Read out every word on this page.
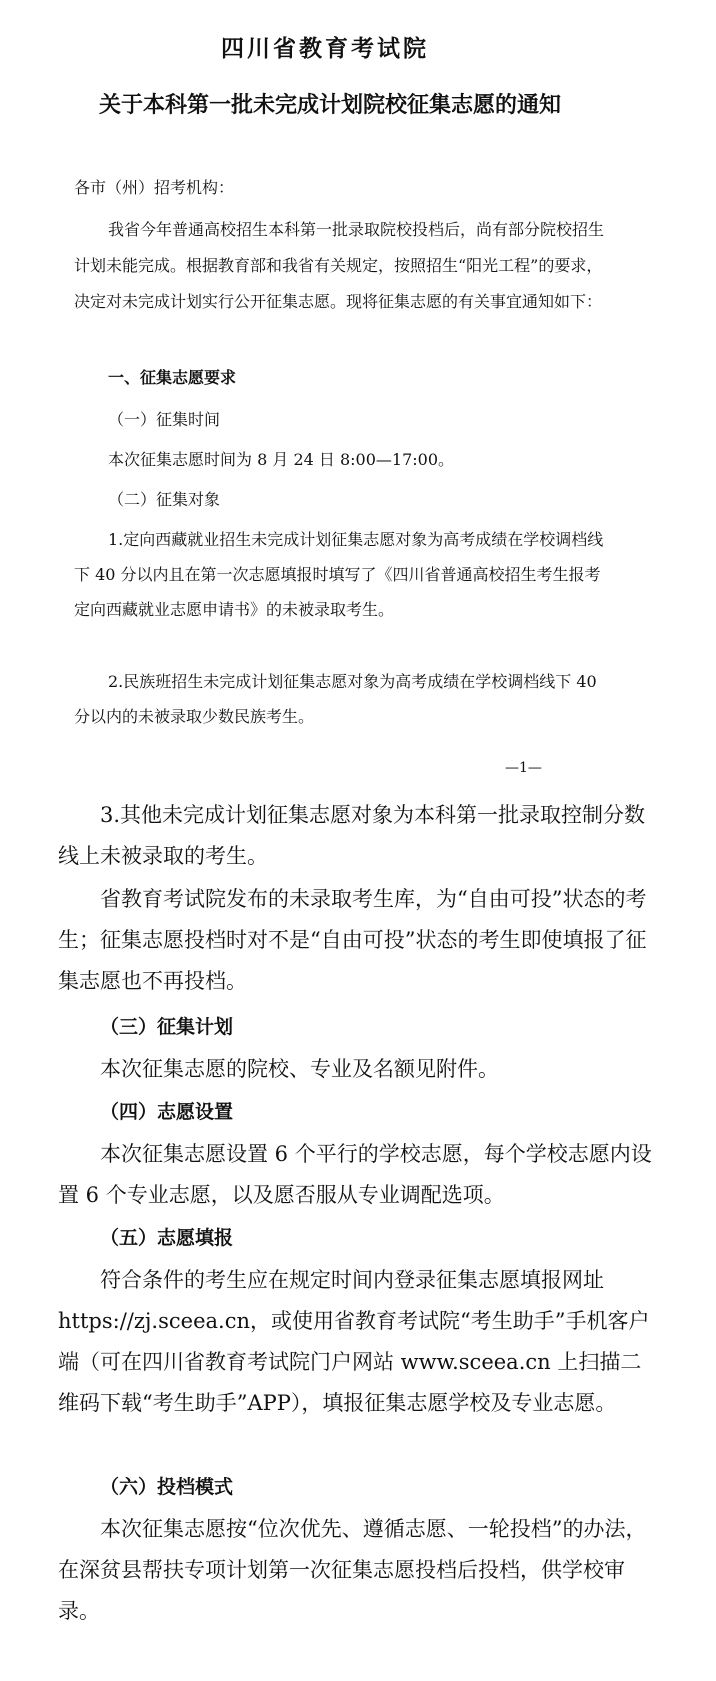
四川省教育考试院
关于本科第一批未完成计划院校征集志愿的通知

各市（州）招考机构：

我省今年普通高校招生本科第一批录取院校投档后，尚有部分院校招生计划未能完成。根据教育部和我省有关规定，按照招生“阳光工程”的要求，决定对未完成计划实行公开征集志愿。现将征集志愿的有关事宜通知如下：

一、征集志愿要求

（一）征集时间

本次征集志愿时间为 8 月 24 日 8:00—17:00。

（二）征集对象

1.定向西藏就业招生未完成计划征集志愿对象为高考成绩在学校调档线下 40 分以内且在第一次志愿填报时填写了《四川省普通高校招生考生报考定向西藏就业志愿申请书》的未被录取考生。

2.民族班招生未完成计划征集志愿对象为高考成绩在学校调档线下 40 分以内的未被录取少数民族考生。

—1—

3.其他未完成计划征集志愿对象为本科第一批录取控制分数线上未被录取的考生。

省教育考试院发布的未录取考生库，为“自由可投”状态的考生；征集志愿投档时对不是“自由可投”状态的考生即使填报了征集志愿也不再投档。

（三）征集计划

本次征集志愿的院校、专业及名额见附件。

（四）志愿设置

本次征集志愿设置 6 个平行的学校志愿，每个学校志愿内设置 6 个专业志愿，以及愿否服从专业调配选项。

（五）志愿填报

符合条件的考生应在规定时间内登录征集志愿填报网址 https://zj.sceea.cn，或使用省教育考试院“考生助手”手机客户端（可在四川省教育考试院门户网站 www.sceea.cn 上扫描二维码下载“考生助手”APP），填报征集志愿学校及专业志愿。

（六）投档模式

本次征集志愿按“位次优先、遵循志愿、一轮投档”的办法，在深贫县帮扶专项计划第一次征集志愿投档后投档，供学校审录。
